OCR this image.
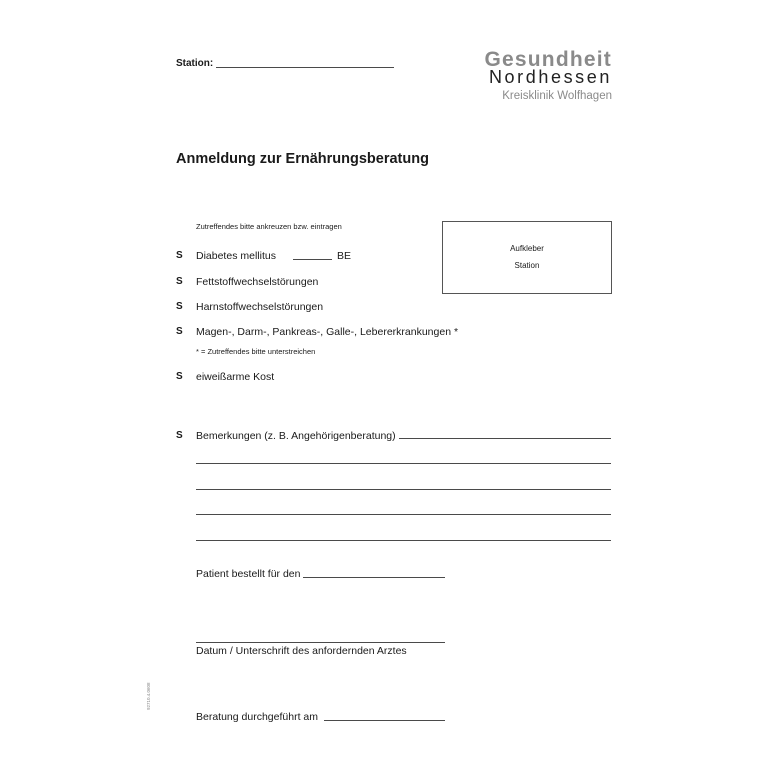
Station:	Gesundheit
Nordhessen
Kreisklinik Wolfhagen
Anmeldung zur Ernährungsberatung
Zutreffendes bitte ankreuzen bzw. eintragen
Aufkleber
Station
S Diabetes mellitus	BE
S Fettstoffwechselstörungen
S Harnstoffwechselstörungen
S Magen-, Darm-, Pankreas-, Galle-, Lebererkrankungen *
* = Zutreffendes bitte unterstreichen
S eiweißarme Kost
S Bemerkungen (z. B. Angehörigenberatung)
Patient bestellt für den
Datum / Unterschrift des anfordernden Arztes
Beratung durchgeführt am
92710.4.0608
